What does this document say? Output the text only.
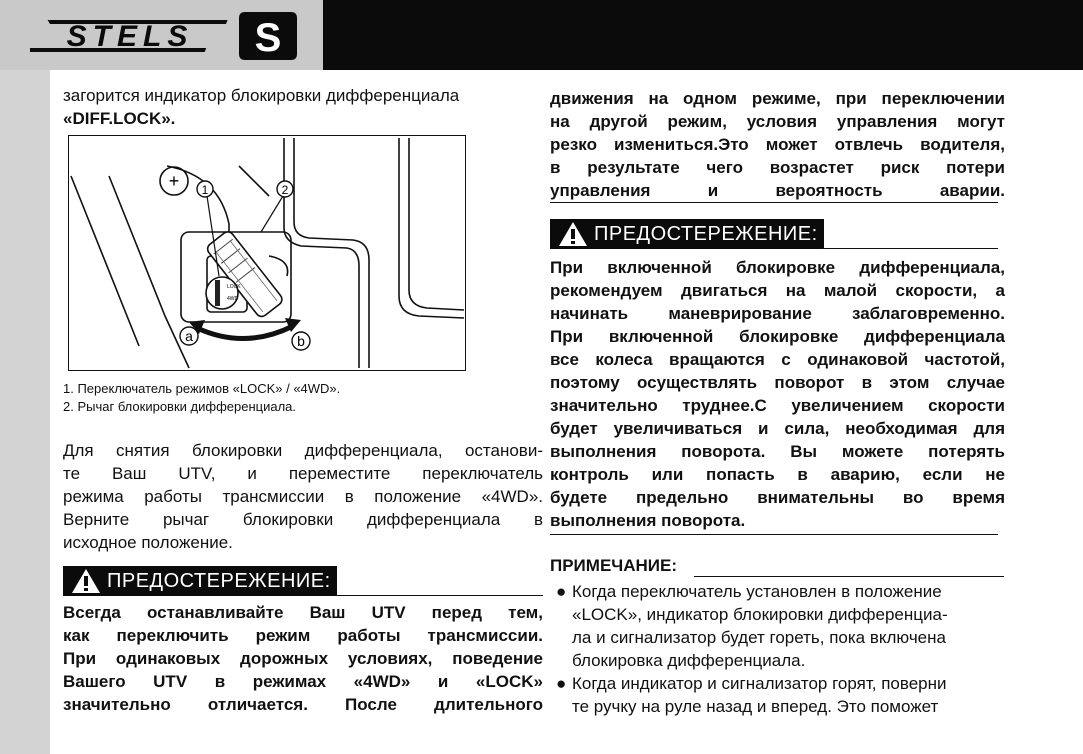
STELS S

загорится индикатор блокировки дифференциала
«DIFF.LOCK».

+
LOCK
4WD
1	2
a	b
1. Переключатель режимов «LOCK» / «4WD».
2. Рычаг блокировки дифференциала.

Для снятия блокировки дифференциала, останови-

те Ваш UTV, и переместите переключатель

режима работы трансмиссии в положение «4WD».

Верните рычаг блокировки дифференциала в

исходное положение.

ПРЕДОСТЕРЕЖЕНИЕ:

Всегда останавливайте Ваш UTV перед тем,

как переключить режим работы трансмиссии.

При одинаковых дорожных условиях, поведение

Вашего UTV в режимах «4WD» и «LOCK»

значительно отличается. После длительного

движения на одном режиме, при переключении

на другой режим, условия управления могут

резко измениться.Это может отвлечь водителя,

в результате чего возрастет риск потери

управления и вероятность аварии.

ПРЕДОСТЕРЕЖЕНИЕ:

При включенной блокировке дифференциала,

рекомендуем двигаться на малой скорости, а

начинать маневрирование заблаговременно.

При включенной блокировке дифференциала

все колеса вращаются с одинаковой частотой,

поэтому осуществлять поворот в этом случае

значительно труднее.С увеличением скорости

будет увеличиваться и сила, необходимая для

выполнения поворота. Вы можете потерять

контроль или попасть в аварию, если не

будете предельно внимательны во время

выполнения поворота.

ПРИМЕЧАНИЕ:
● Когда переключатель установлен в положение
«LOCK», индикатор блокировки дифференциа-
ла и сигнализатор будет гореть, пока включена
блокировка дифференциала.
● Когда индикатор и сигнализатор горят, поверни
те ручку на руле назад и вперед. Это поможет
